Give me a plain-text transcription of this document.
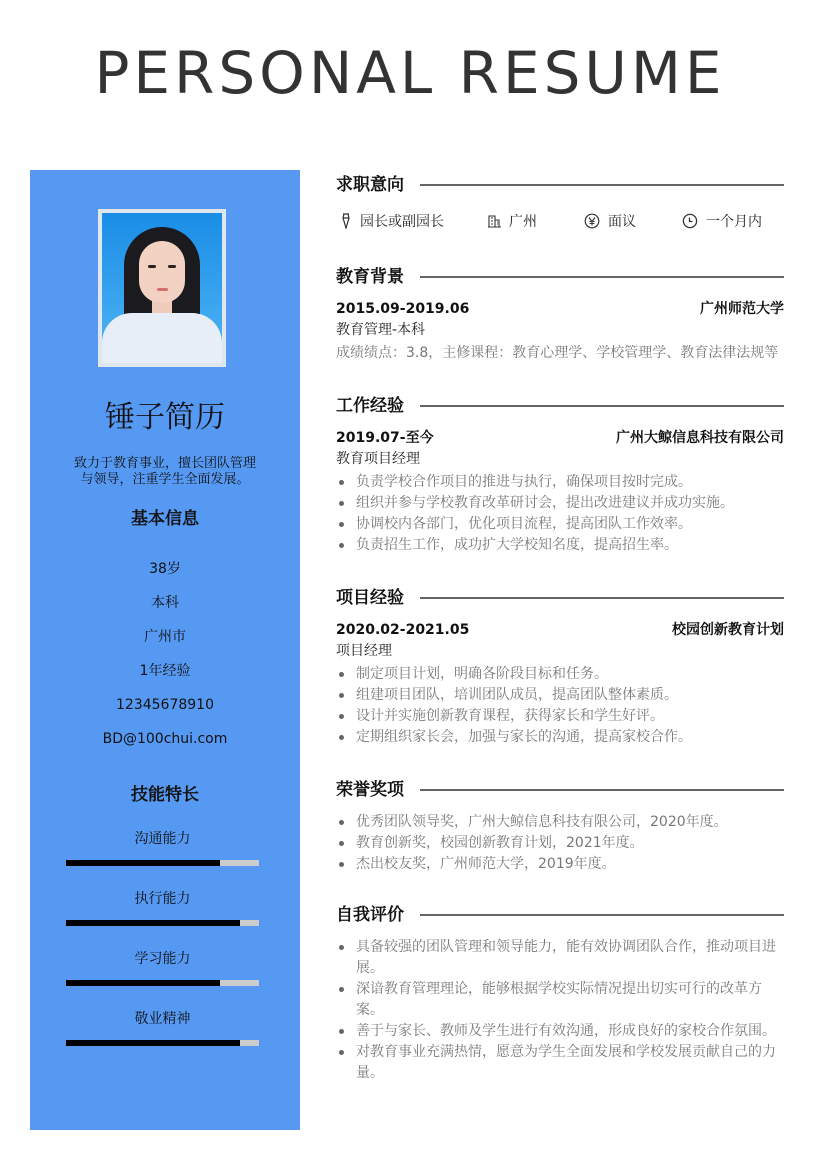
PERSONAL RESUME
锤子简历
致力于教育事业，擅长团队管理
与领导，注重学生全面发展。
基本信息
38岁
本科
广州市
1年经验
12345678910
BD@100chui.com
技能特长
沟通能力
执行能力
学习能力
敬业精神
求职意向
园长或副园长	广州	面议	一个月内
教育背景
2015.09-2019.06	广州师范大学
教育管理-本科
成绩绩点：3.8，主修课程：教育心理学、学校管理学、教育法律法规等
工作经验
2019.07-至今	广州大鲸信息科技有限公司
教育项目经理
负责学校合作项目的推进与执行，确保项目按时完成。
组织并参与学校教育改革研讨会，提出改进建议并成功实施。
协调校内各部门，优化项目流程，提高团队工作效率。
负责招生工作，成功扩大学校知名度，提高招生率。
项目经验
2020.02-2021.05	校园创新教育计划
项目经理
制定项目计划，明确各阶段目标和任务。
组建项目团队，培训团队成员，提高团队整体素质。
设计并实施创新教育课程，获得家长和学生好评。
定期组织家长会，加强与家长的沟通，提高家校合作。
荣誉奖项
优秀团队领导奖，广州大鲸信息科技有限公司，2020年度。
教育创新奖，校园创新教育计划，2021年度。
杰出校友奖，广州师范大学，2019年度。
自我评价
具备较强的团队管理和领导能力，能有效协调团队合作，推动项目进展。
深谙教育管理理论，能够根据学校实际情况提出切实可行的改革方案。
善于与家长、教师及学生进行有效沟通，形成良好的家校合作氛围。
对教育事业充满热情，愿意为学生全面发展和学校发展贡献自己的力量。
